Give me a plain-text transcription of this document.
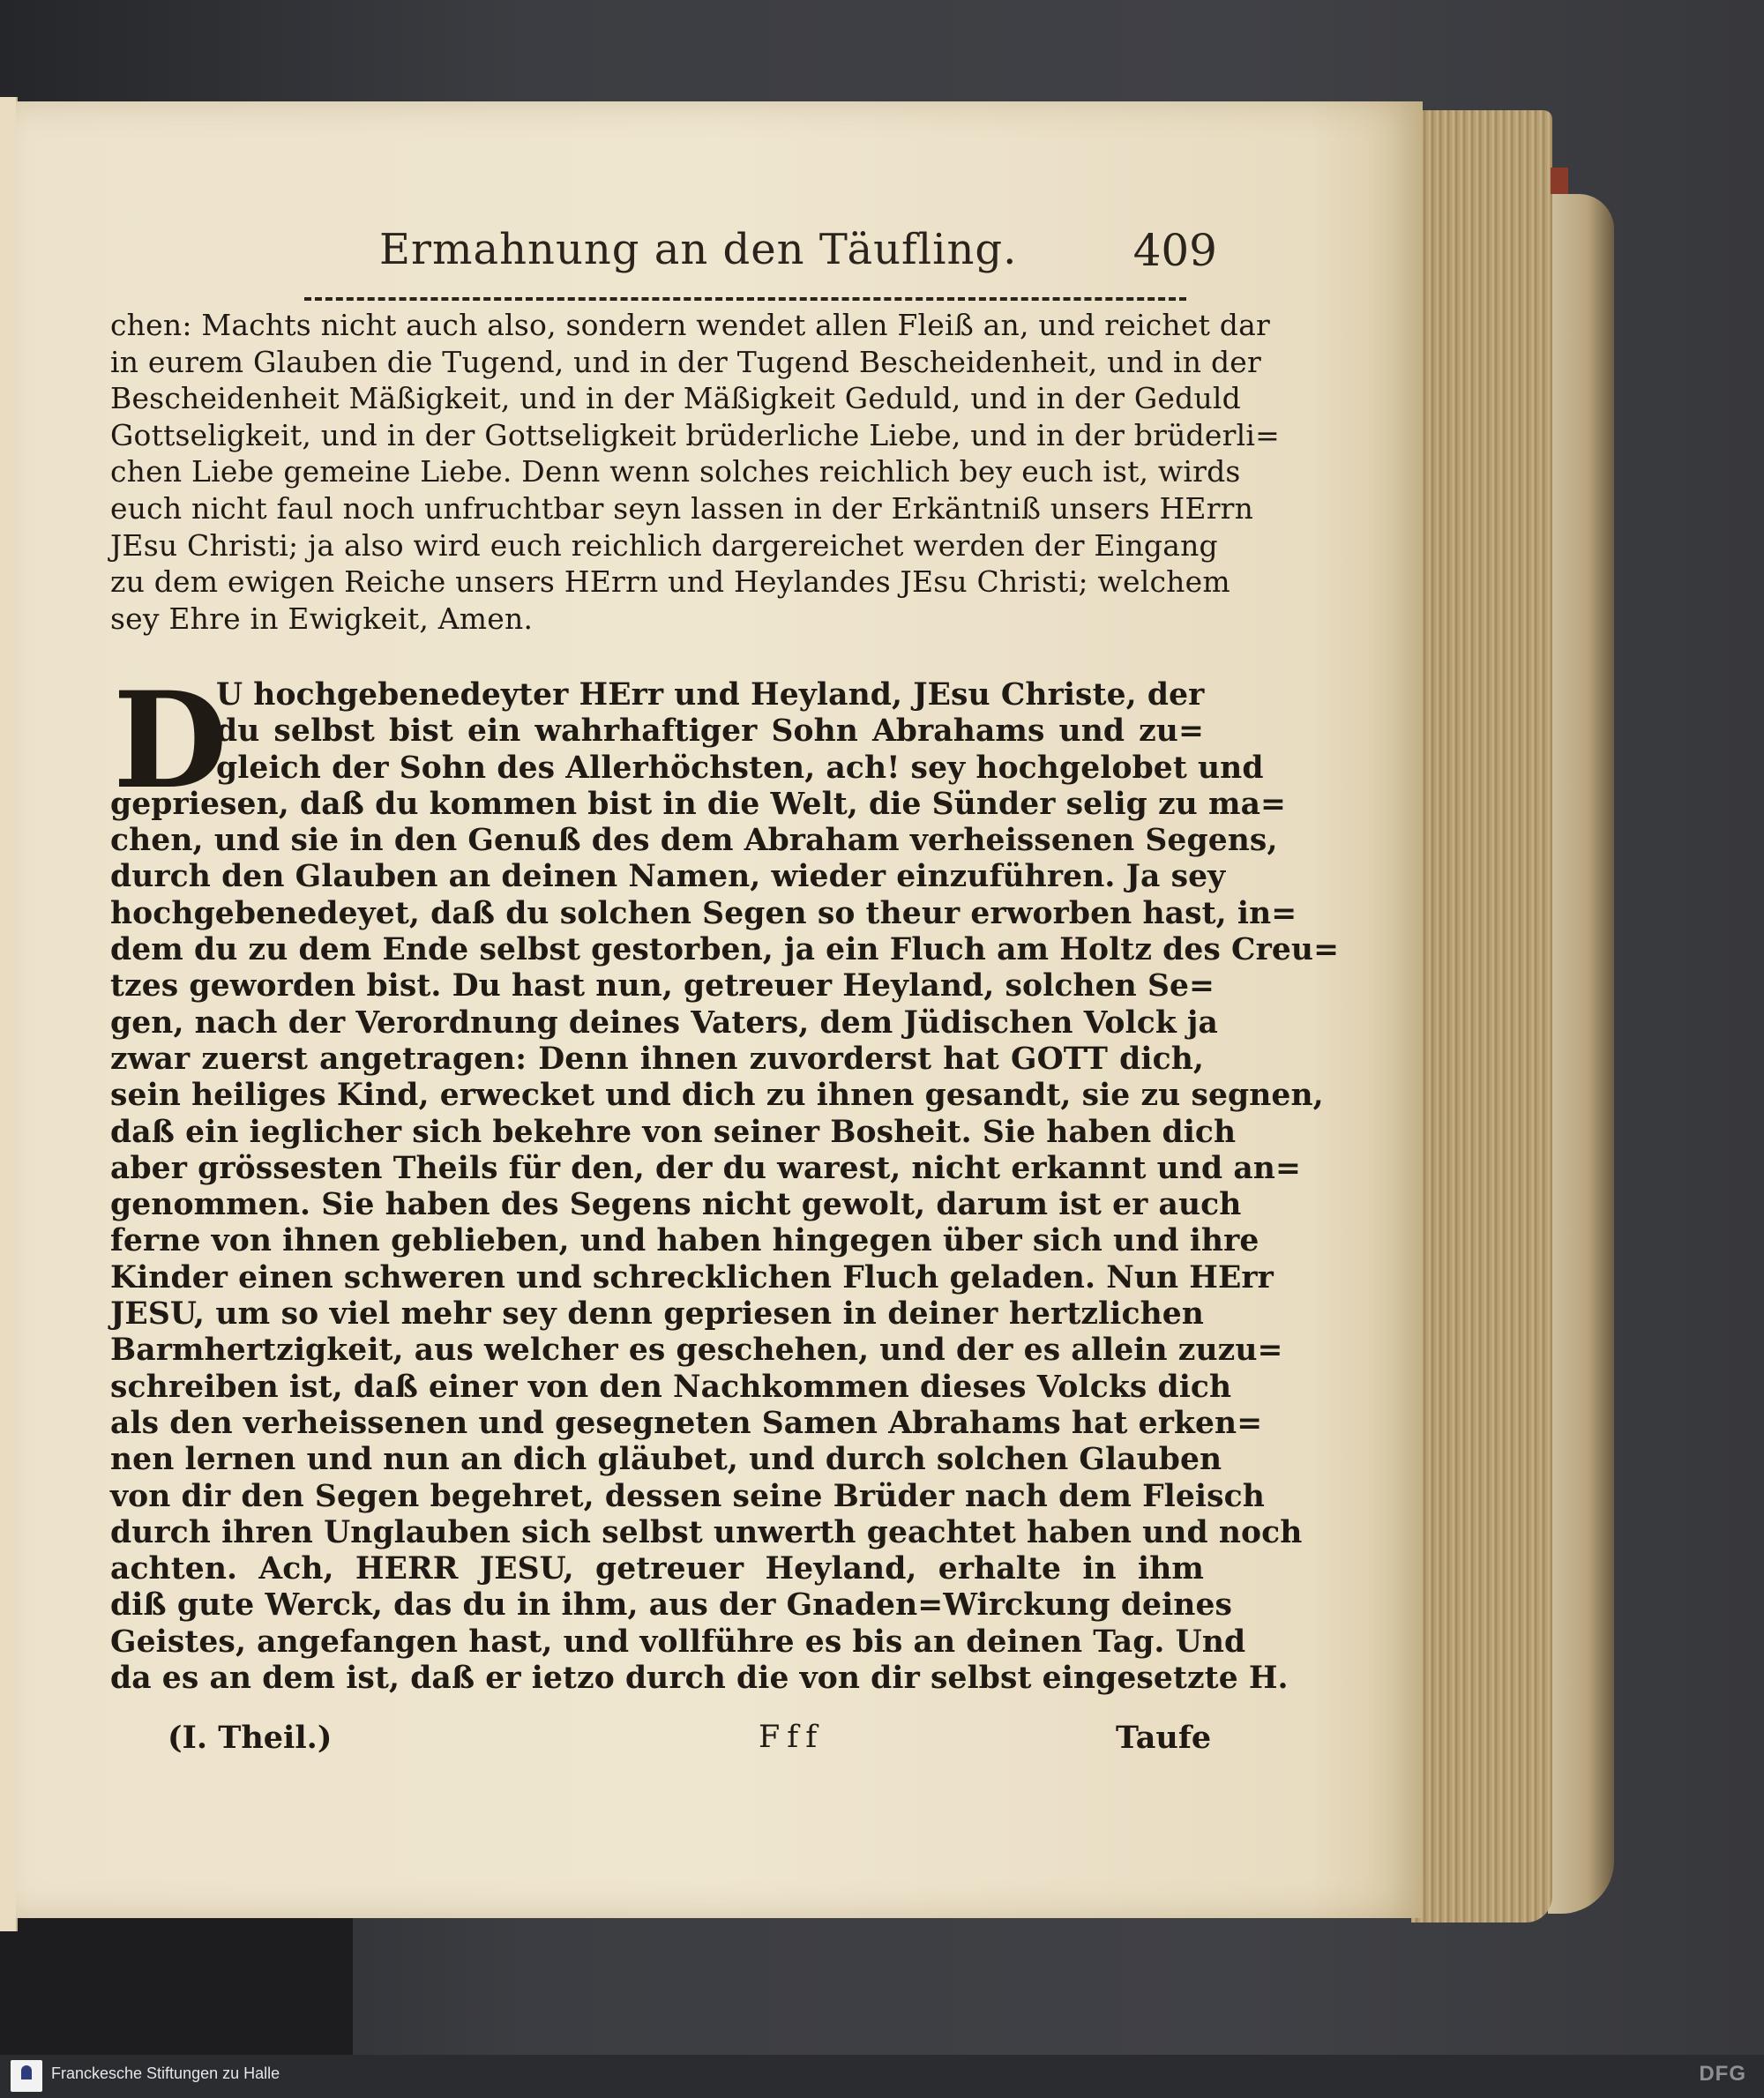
Ermahnung an den Täufling.	409
chen: Machts nicht auch also, sondern wendet allen Fleiß an, und reichet dar
in eurem Glauben die Tugend, und in der Tugend Bescheidenheit, und in der
Bescheidenheit Mäßigkeit, und in der Mäßigkeit Geduld, und in der Geduld
Gottseligkeit, und in der Gottseligkeit brüderliche Liebe, und in der brüderli=
chen Liebe gemeine Liebe. Denn wenn solches reichlich bey euch ist, wirds
euch nicht faul noch unfruchtbar seyn lassen in der Erkäntniß unsers HErrn
JEsu Christi; ja also wird euch reichlich dargereichet werden der Eingang
zu dem ewigen Reiche unsers HErrn und Heylandes JEsu Christi; welchem
sey Ehre in Ewigkeit, Amen.
D
U hochgebenedeyter HErr und Heyland, JEsu Christe, der
du selbst bist ein wahrhaftiger Sohn Abrahams und zu=
gleich der Sohn des Allerhöchsten, ach! sey hochgelobet und
gepriesen, daß du kommen bist in die Welt, die Sünder selig zu ma=
chen, und sie in den Genuß des dem Abraham verheissenen Segens,
durch den Glauben an deinen Namen, wieder einzuführen. Ja sey
hochgebenedeyet, daß du solchen Segen so theur erworben hast, in=
dem du zu dem Ende selbst gestorben, ja ein Fluch am Holtz des Creu=
tzes geworden bist. Du hast nun, getreuer Heyland, solchen Se=
gen, nach der Verordnung deines Vaters, dem Jüdischen Volck ja
zwar zuerst angetragen: Denn ihnen zuvorderst hat GOTT dich,
sein heiliges Kind, erwecket und dich zu ihnen gesandt, sie zu segnen,
daß ein ieglicher sich bekehre von seiner Bosheit. Sie haben dich
aber grössesten Theils für den, der du warest, nicht erkannt und an=
genommen. Sie haben des Segens nicht gewolt, darum ist er auch
ferne von ihnen geblieben, und haben hingegen über sich und ihre
Kinder einen schweren und schrecklichen Fluch geladen. Nun HErr
JESU, um so viel mehr sey denn gepriesen in deiner hertzlichen
Barmhertzigkeit, aus welcher es geschehen, und der es allein zuzu=
schreiben ist, daß einer von den Nachkommen dieses Volcks dich
als den verheissenen und gesegneten Samen Abrahams hat erken=
nen lernen und nun an dich gläubet, und durch solchen Glauben
von dir den Segen begehret, dessen seine Brüder nach dem Fleisch
durch ihren Unglauben sich selbst unwerth geachtet haben und noch
achten. Ach, HERR JESU, getreuer Heyland, erhalte in ihm
diß gute Werck, das du in ihm, aus der Gnaden=Wirckung deines
Geistes, angefangen hast, und vollführe es bis an deinen Tag. Und
da es an dem ist, daß er ietzo durch die von dir selbst eingesetzte H.
(I. Theil.)	Fff	Taufe
Franckesche Stiftungen zu Halle	DFG
